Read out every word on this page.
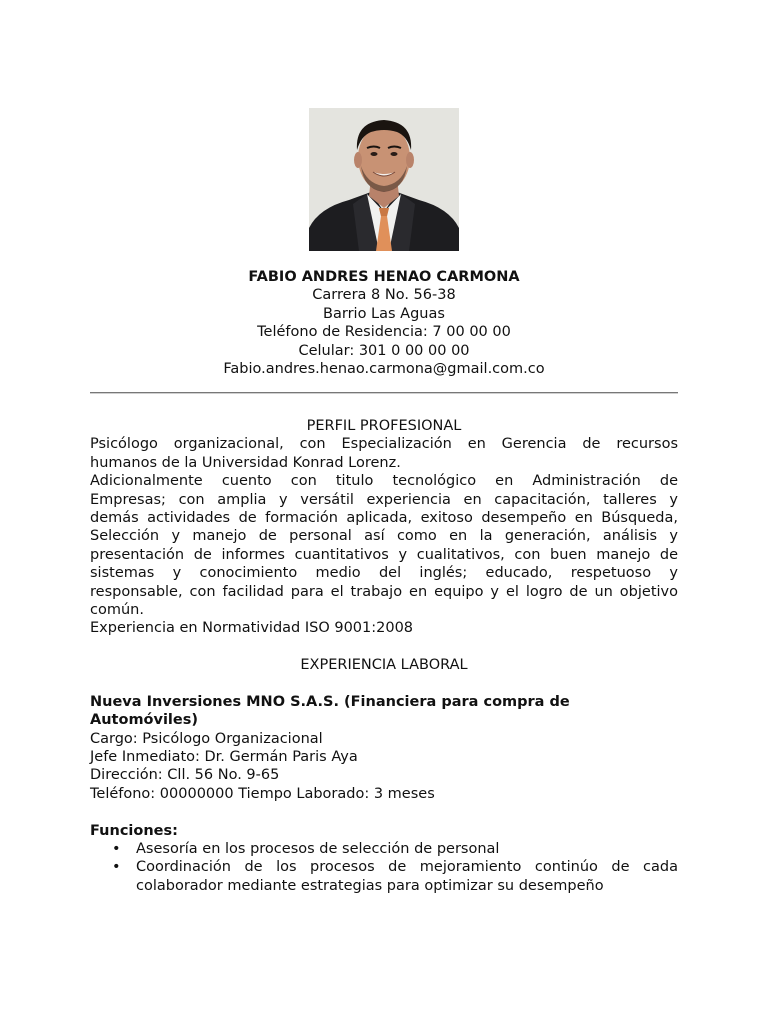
FABIO ANDRES HENAO CARMONA
Carrera 8 No. 56-38
Barrio Las Aguas
Teléfono de Residencia: 7 00 00 00
Celular: 301 0 00 00 00
Fabio.andres.henao.carmona@gmail.com.co
PERFIL PROFESIONAL
Psicólogo organizacional, con Especialización en Gerencia de recursos
humanos de la Universidad Konrad Lorenz.
Adicionalmente cuento con titulo tecnológico en Administración de
Empresas; con amplia y versátil experiencia en capacitación, talleres y
demás actividades de formación aplicada, exitoso desempeño en Búsqueda,
Selección y manejo de personal así como en la generación, análisis y
presentación de informes cuantitativos y cualitativos, con buen manejo de
sistemas y conocimiento medio del inglés; educado, respetuoso y
responsable, con facilidad para el trabajo en equipo y el logro de un objetivo
común.
Experiencia en Normatividad ISO 9001:2008
EXPERIENCIA LABORAL
Nueva Inversiones MNO S.A.S. (Financiera para compra de
Automóviles)
Cargo: Psicólogo Organizacional
Jefe Inmediato: Dr. Germán Paris Aya
Dirección: Cll. 56 No. 9-65
Teléfono: 00000000 Tiempo Laborado: 3 meses
Funciones:
• Asesoría en los procesos de selección de personal
• Coordinación de los procesos de mejoramiento continúo de cada
colaborador mediante estrategias para optimizar su desempeño
